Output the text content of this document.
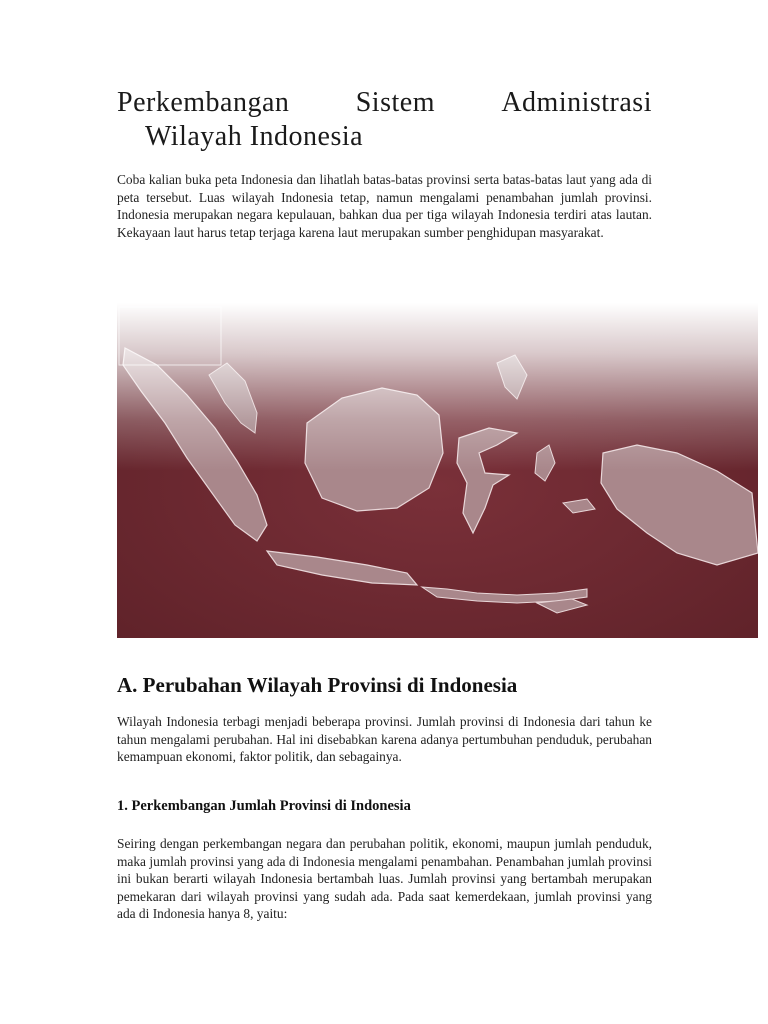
Perkembangan Sistem Administrasi
Wilayah Indonesia

Coba kalian buka peta Indonesia dan lihatlah batas-batas provinsi serta batas-batas laut yang ada di peta tersebut. Luas wilayah Indonesia tetap, namun mengalami penambahan jumlah provinsi. Indonesia merupakan negara kepulauan, bahkan dua per tiga wilayah Indonesia terdiri atas lautan. Kekayaan laut harus tetap terjaga karena laut merupakan sumber penghidupan masyarakat.

A. Perubahan Wilayah Provinsi di Indonesia

Wilayah Indonesia terbagi menjadi beberapa provinsi. Jumlah provinsi di Indonesia dari tahun ke tahun mengalami perubahan. Hal ini disebabkan karena adanya pertumbuhan penduduk, perubahan kemampuan ekonomi, faktor politik, dan sebagainya.

1. Perkembangan Jumlah Provinsi di Indonesia

Seiring dengan perkembangan negara dan perubahan politik, ekonomi, maupun jumlah penduduk, maka jumlah provinsi yang ada di Indonesia mengalami penambahan. Penambahan jumlah provinsi ini bukan berarti wilayah Indonesia bertambah luas. Jumlah provinsi yang bertambah merupakan pemekaran dari wilayah provinsi yang sudah ada. Pada saat kemerdekaan, jumlah provinsi yang ada di Indonesia hanya 8, yaitu:
